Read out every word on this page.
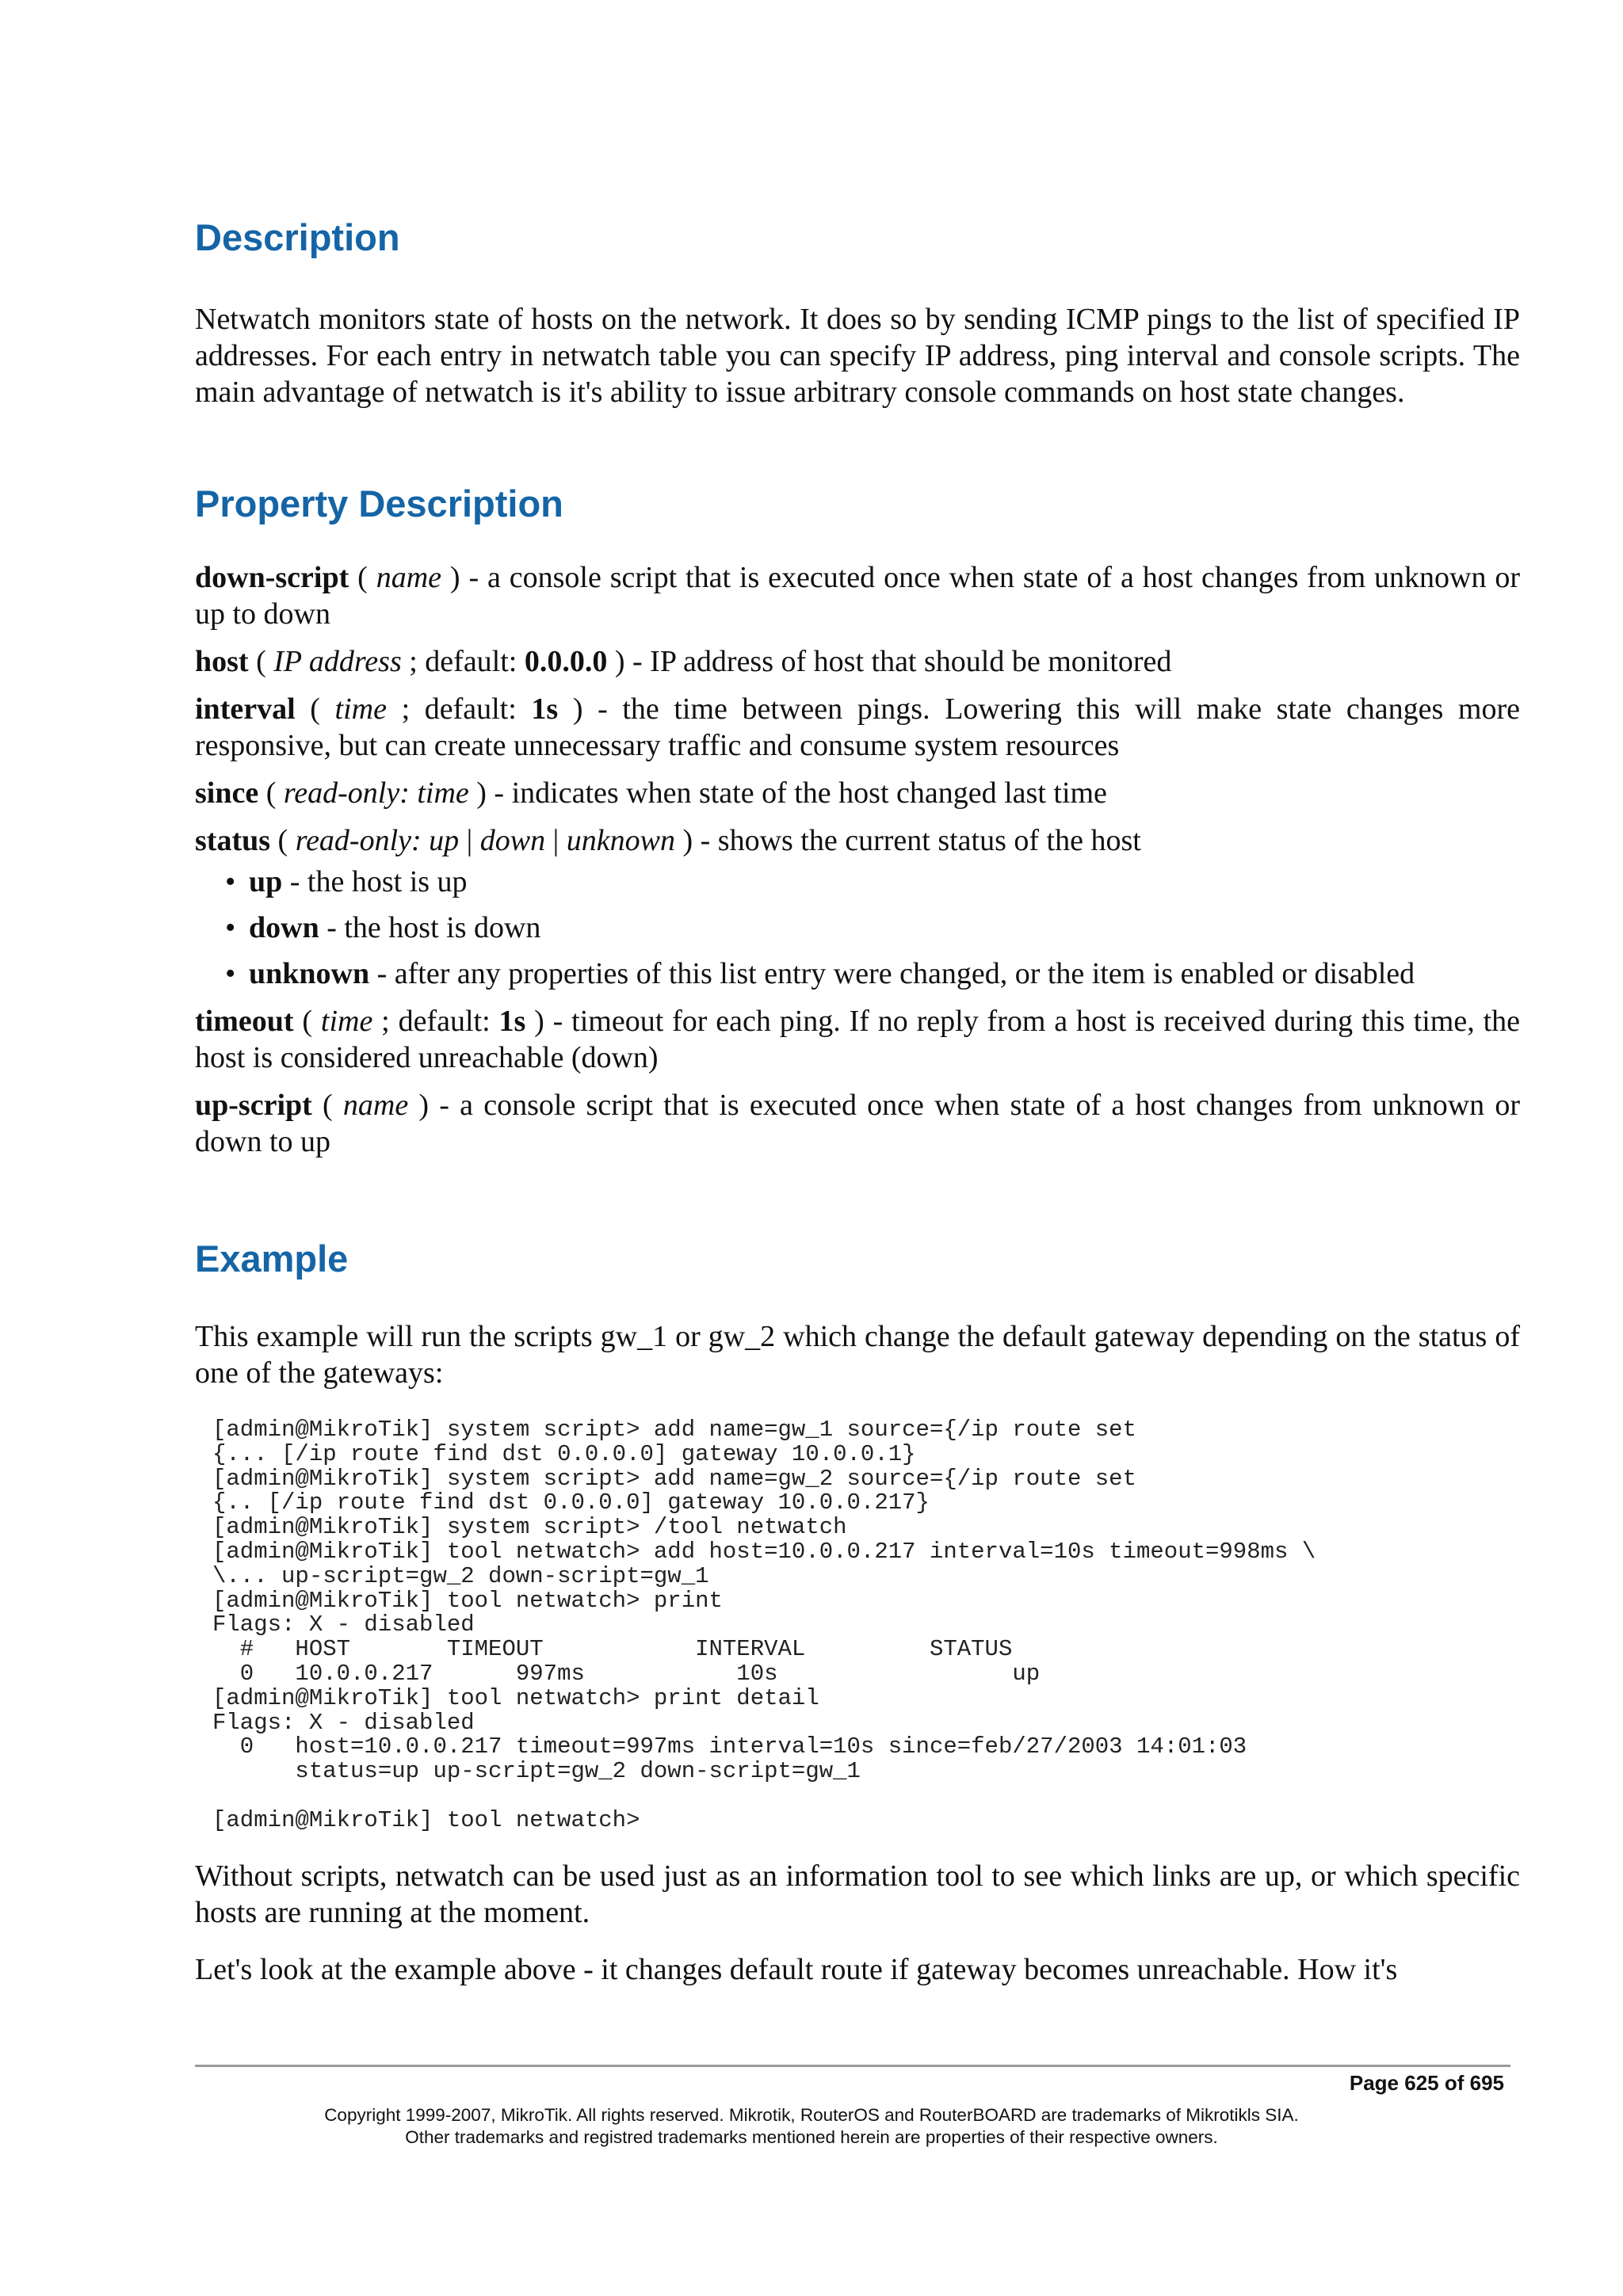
Description

Netwatch monitors state of hosts on the network. It does so by sending ICMP pings to the list of specified IP addresses. For each entry in netwatch table you can specify IP address, ping interval and console scripts. The main advantage of netwatch is it's ability to issue arbitrary console commands on host state changes.

Property Description
down-script ( name ) - a console script that is executed once when state of a host changes from unknown or up to down
host ( IP address ; default: 0.0.0.0 ) - IP address of host that should be monitored
interval ( time ; default: 1s ) - the time between pings. Lowering this will make state changes more responsive, but can create unnecessary traffic and consume system resources
since ( read-only: time ) - indicates when state of the host changed last time
status ( read-only: up | down | unknown ) - shows the current status of the host
• up - the host is up
• down - the host is down
• unknown - after any properties of this list entry were changed, or the item is enabled or disabled
timeout ( time ; default: 1s ) - timeout for each ping. If no reply from a host is received during this time, the host is considered unreachable (down)
up-script ( name ) - a console script that is executed once when state of a host changes from unknown or down to up
Example

This example will run the scripts gw_1 or gw_2 which change the default gateway depending on the status of one of the gateways:

[admin@MikroTik] system script> add name=gw_1 source={/ip route set
{... [/ip route find dst 0.0.0.0] gateway 10.0.0.1}
[admin@MikroTik] system script> add name=gw_2 source={/ip route set
{.. [/ip route find dst 0.0.0.0] gateway 10.0.0.217}
[admin@MikroTik] system script> /tool netwatch
[admin@MikroTik] tool netwatch> add host=10.0.0.217 interval=10s timeout=998ms \
\... up-script=gw_2 down-script=gw_1
[admin@MikroTik] tool netwatch> print
Flags: X - disabled
#   HOST       TIMEOUT           INTERVAL         STATUS
0   10.0.0.217      997ms           10s                 up
[admin@MikroTik] tool netwatch> print detail
Flags: X - disabled
0   host=10.0.0.217 timeout=997ms interval=10s since=feb/27/2003 14:01:03
status=up up-script=gw_2 down-script=gw_1

[admin@MikroTik] tool netwatch>

Without scripts, netwatch can be used just as an information tool to see which links are up, or which specific hosts are running at the moment.

Let's look at the example above - it changes default route if gateway becomes unreachable. How it's

Page 625 of 695
Copyright 1999-2007, MikroTik. All rights reserved. Mikrotik, RouterOS and RouterBOARD are trademarks of Mikrotikls SIA.
Other trademarks and registred trademarks mentioned herein are properties of their respective owners.
